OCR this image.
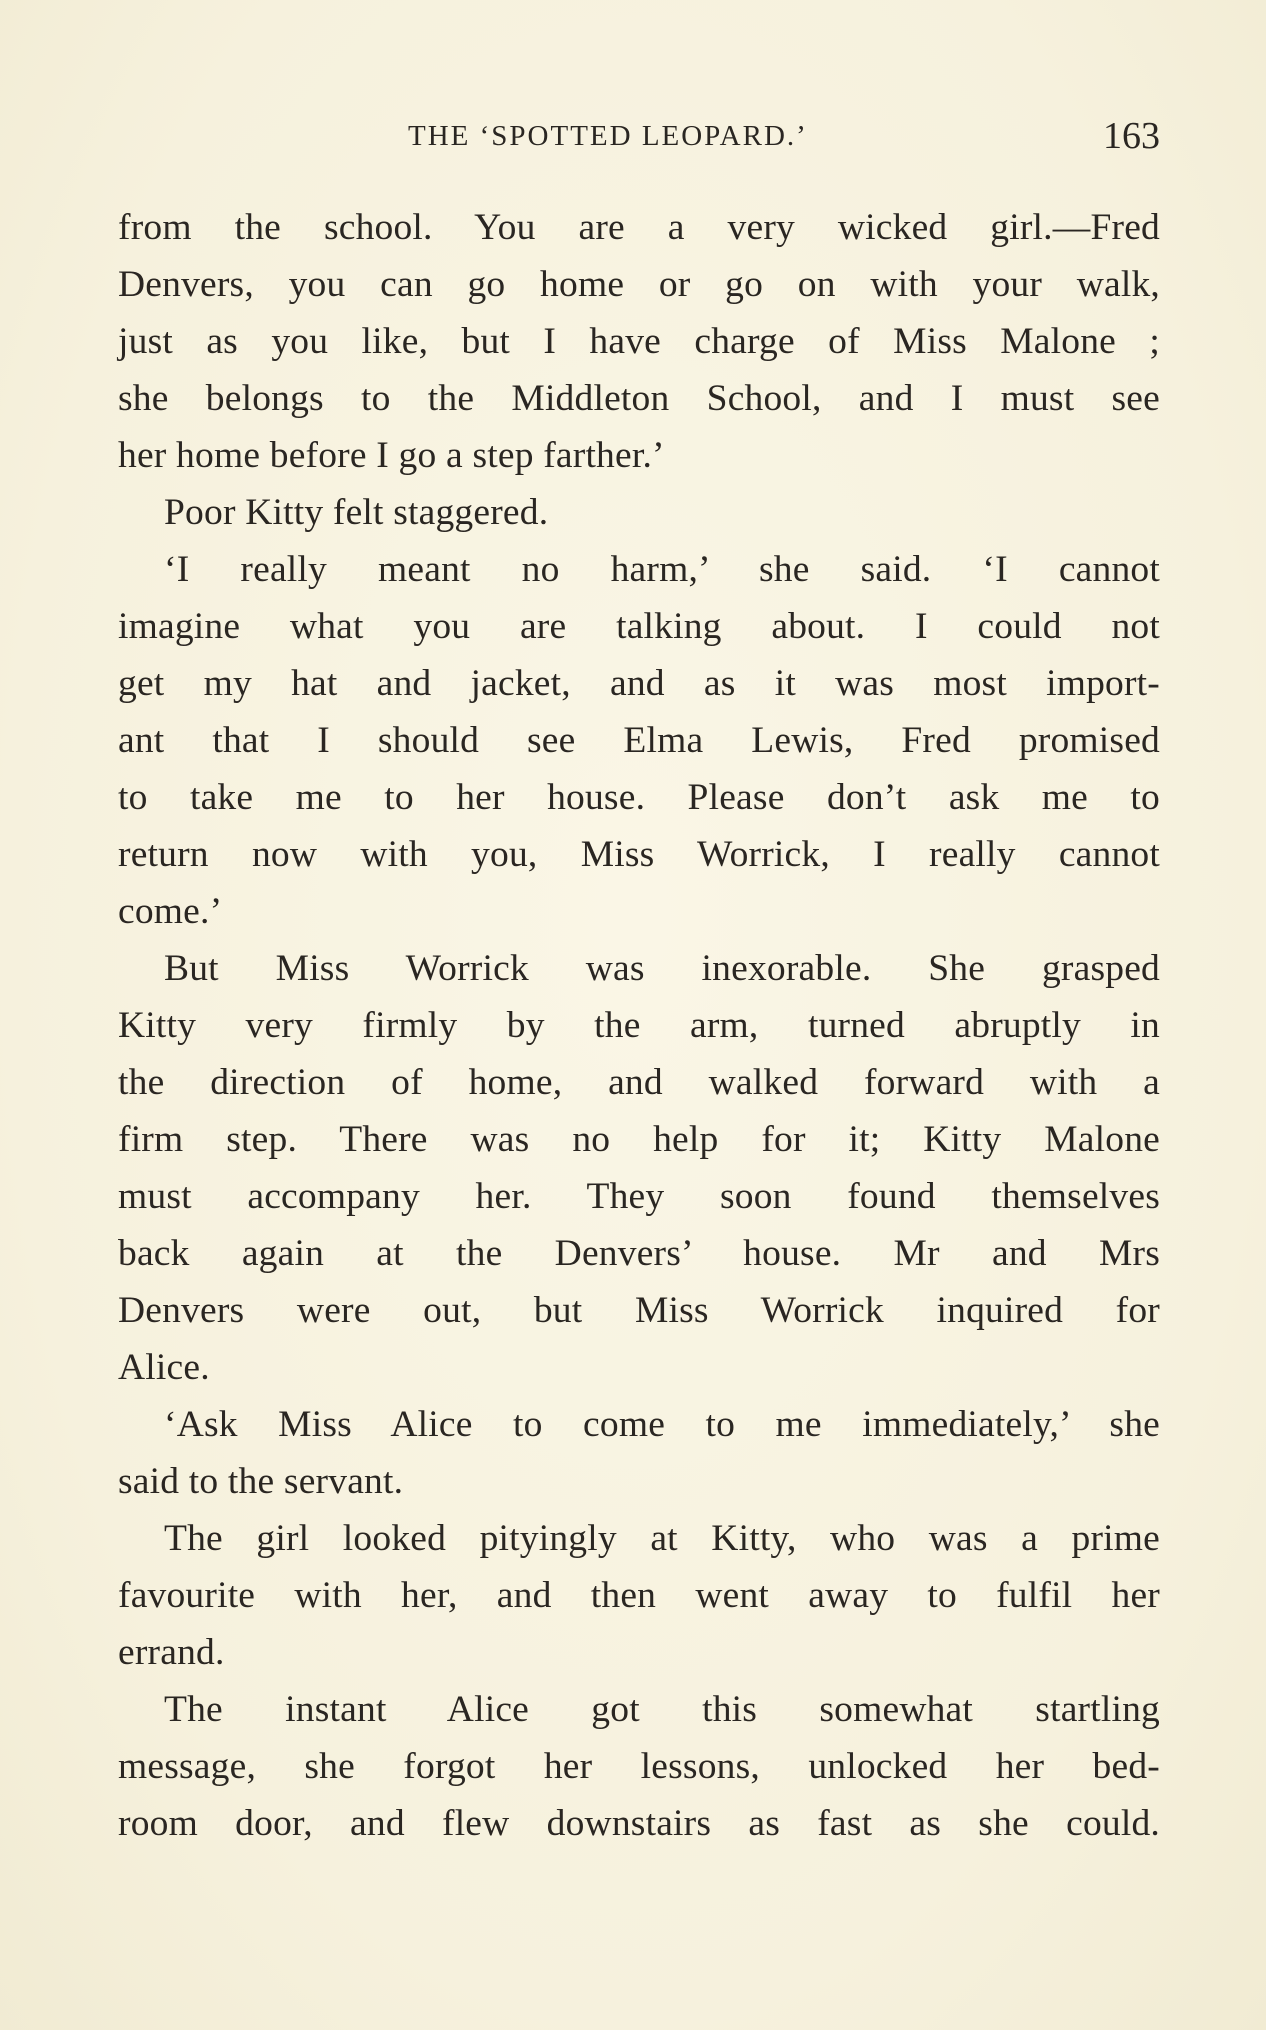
THE ‘SPOTTED LEOPARD.’	163
from the school. You are a very wicked girl.—Fred
Denvers, you can go home or go on with your walk,
just as you like, but I have charge of Miss Malone ;
she belongs to the Middleton School, and I must see
her home before I go a step farther.’
Poor Kitty felt staggered.
‘I really meant no harm,’ she said. ‘I cannot
imagine what you are talking about. I could not
get my hat and jacket, and as it was most import-
ant that I should see Elma Lewis, Fred promised
to take me to her house. Please don’t ask me to
return now with you, Miss Worrick, I really cannot
come.’
But Miss Worrick was inexorable. She grasped
Kitty very firmly by the arm, turned abruptly in
the direction of home, and walked forward with a
firm step. There was no help for it; Kitty Malone
must accompany her. They soon found themselves
back again at the Denvers’ house. Mr and Mrs
Denvers were out, but Miss Worrick inquired for
Alice.
‘Ask Miss Alice to come to me immediately,’ she
said to the servant.
The girl looked pityingly at Kitty, who was a prime
favourite with her, and then went away to fulfil her
errand.
The instant Alice got this somewhat startling
message, she forgot her lessons, unlocked her bed-
room door, and flew downstairs as fast as she could.
